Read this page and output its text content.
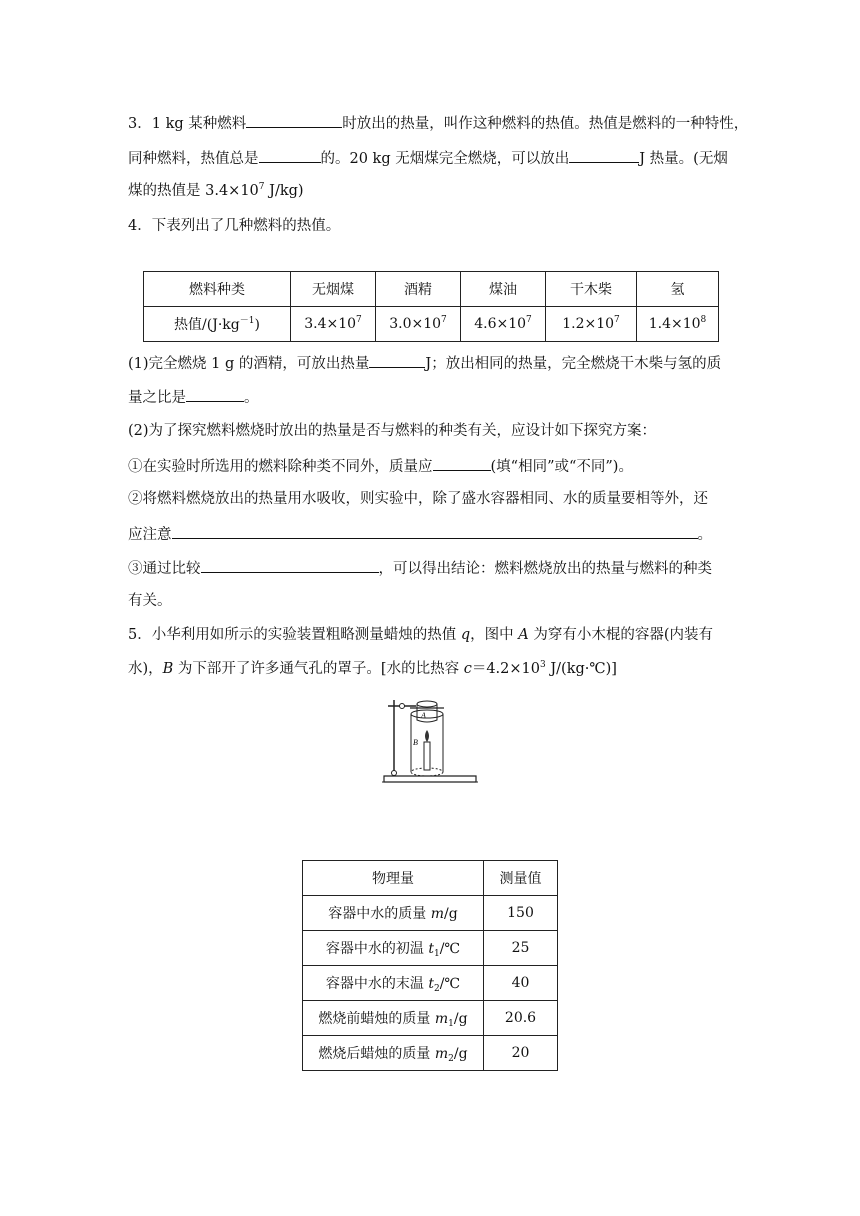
3．1 kg 某种燃料	时放出的热量，叫作这种燃料的热值。热值是燃料的一种特性，
同种燃料，热值总是	的。20 kg 无烟煤完全燃烧，可以放出	J 热量。(无烟
煤的热值是 $3.4\times 10^7$ J/kg)
4．下表列出了几种燃料的热值。
燃料种类	无烟煤	酒精	煤油	干木柴	氢
热值$/(J\cdot kg^{-1})$	$3.4\times 10^7$	$3.0\times 10^7$	$4.6\times 10^7$	$1.2\times 10^7$	$1.4\times 10^8$
(1)完全燃烧 1 g 的酒精，可放出热量	J；放出相同的热量，完全燃烧干木柴与氢的质
量之比是	。
(2)为了探究燃料燃烧时放出的热量是否与燃料的种类有关，应设计如下探究方案：
①在实验时所选用的燃料除种类不同外，质量应	(填“相同”或“不同”)。
②将燃料燃烧放出的热量用水吸收，则实验中，除了盛水容器相同、水的质量要相等外，还
应注意	。
③通过比较	，可以得出结论：燃料燃烧放出的热量与燃料的种类
有关。
5．小华利用如所示的实验装置粗略测量蜡烛的热值 q，图中 A 为穿有小木棍的容器(内装有
水)，B 为下部开了许多通气孔的罩子。[水的比热容 $c=4.2\times 10^3$ J/(kg·℃)]
A
B
物理量	测量值
容器中水的质量 m/g	150
容器中水的初温 $t_1/℃$	25
容器中水的末温 $t_2/℃$	40
燃烧前蜡烛的质量 $m_1/g$	20.6
燃烧后蜡烛的质量 $m_2/g$	20
